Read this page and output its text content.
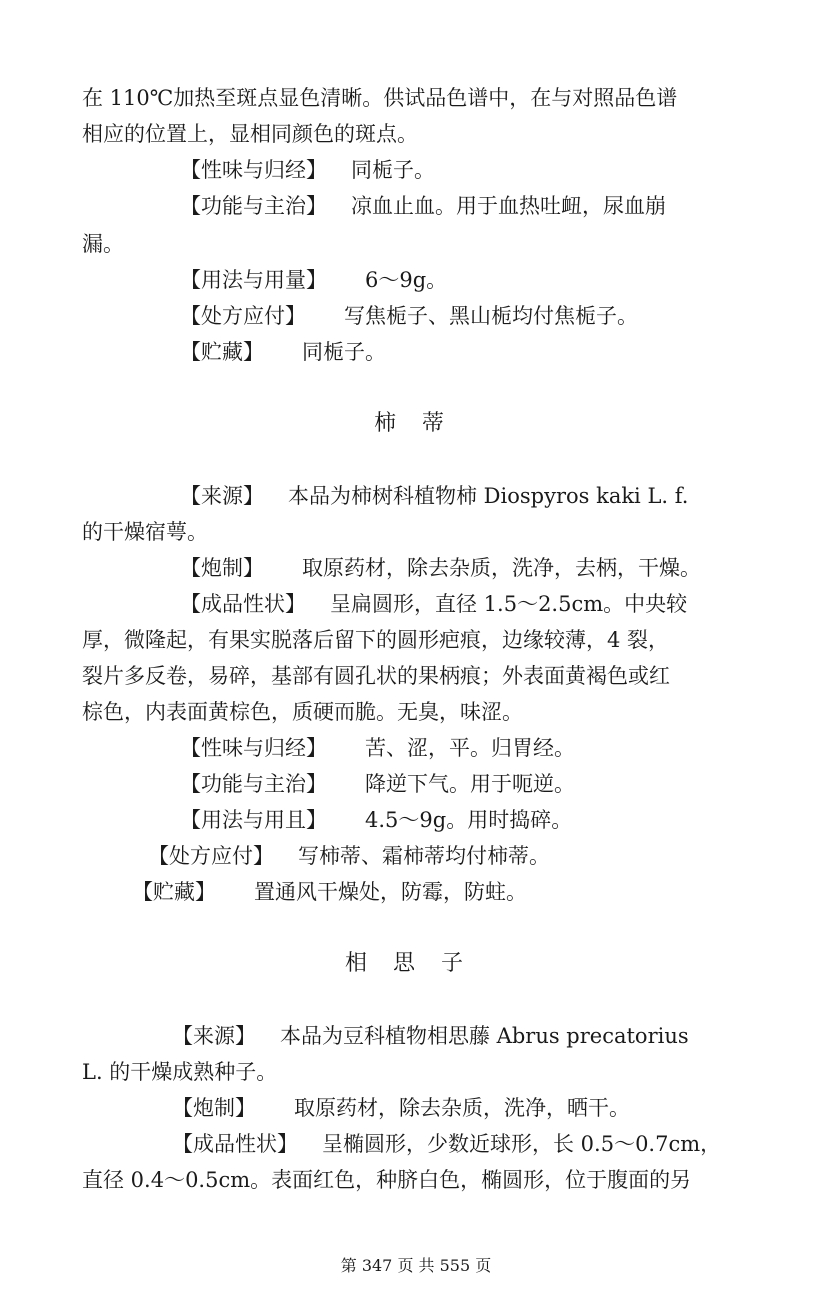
在 110℃加热至斑点显色清晰。供试品色谱中，在与对照品色谱
相应的位置上，显相同颜色的斑点。
【性味与归经】 同栀子。
【功能与主治】 凉血止血。用于血热吐衄，尿血崩
漏。
【用法与用量】 6～9g。
【处方应付】 写焦栀子、黑山栀均付焦栀子。
【贮藏】 同栀子。
柿蒂
【来源】 本品为柿树科植物柿 Diospyros kaki L. f.
的干燥宿萼。
【炮制】 取原药材，除去杂质，洗净，去柄，干燥。
【成品性状】 呈扁圆形，直径 1.5～2.5cm。中央较
厚，微隆起，有果实脱落后留下的圆形疤痕，边缘较薄，4 裂，
裂片多反卷，易碎，基部有圆孔状的果柄痕；外表面黄褐色或红
棕色，内表面黄棕色，质硬而脆。无臭，味涩。
【性味与归经】 苦、涩，平。归胃经。
【功能与主治】 降逆下气。用于呃逆。
【用法与用且】 4.5～9g。用时捣碎。
【处方应付】 写柿蒂、霜柿蒂均付柿蒂。
【贮藏】 置通风干燥处，防霉，防蛀。
相思子
【来源】 本品为豆科植物相思藤 Abrus precatorius
L. 的干燥成熟种子。
【炮制】 取原药材，除去杂质，洗净，晒干。
【成品性状】 呈椭圆形，少数近球形，长 0.5～0.7cm，
直径 0.4～0.5cm。表面红色，种脐白色，椭圆形，位于腹面的另
第 347 页 共 555 页
